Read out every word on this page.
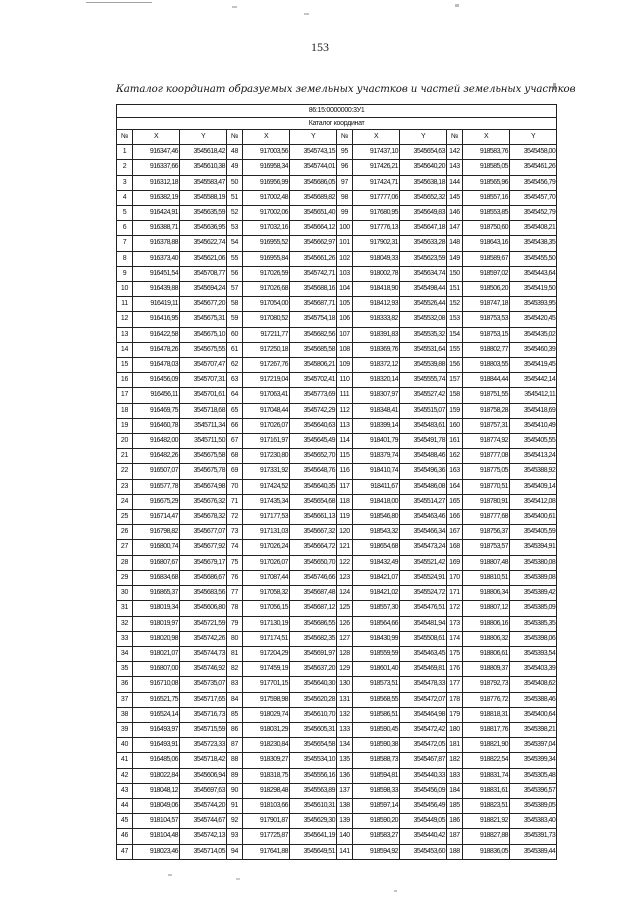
153
Каталог координат образуемых земельных участков и частей земельных участков
86:15:0000000:3У1											
Каталог координат											
№	X	Y	№	X	Y	№	X	Y	№	X	Y
1	916347,46	3545618,42	48	917003,56	3545743,15	95	917437,10	3545654,63	142	918583,76	3545458,00
2	916337,66	3545610,38	49	916958,34	3545744,01	96	917426,21	3545640,20	143	918585,05	3545461,26
3	916312,18	3545583,47	50	916956,99	3545686,05	97	917424,71	3545638,18	144	918565,96	3545456,79
4	916382,19	3545588,19	51	917002,48	3545689,82	98	917777,06	3545652,32	145	918557,16	3545457,70
5	916424,91	3545635,59	52	917002,06	3545651,40	99	917680,95	3545649,83	146	918553,85	3545452,79
6	916388,71	3545636,95	53	917032,16	3545664,12	100	917776,13	3545647,18	147	918750,60	3545408,21
7	916378,88	3545622,74	54	916955,52	3545662,97	101	917902,31	3545633,28	148	918643,16	3545438,35
8	916373,40	3545621,06	55	916955,84	3545661,26	102	918049,33	3545623,59	149	918589,67	3545455,50
9	916451,54	3545708,77	56	917026,59	3545742,71	103	918002,78	3545634,74	150	918597,02	3545443,64
10	916439,88	3545694,24	57	917026,68	3545688,16	104	918418,90	3545498,44	151	918506,20	3545419,50
11	916419,11	3545677,20	58	917054,00	3545687,71	105	918412,93	3545526,44	152	918747,18	3545393,95
12	916416,95	3545675,31	59	917080,52	3545754,18	106	918333,82	3545532,08	153	918753,53	3545420,45
13	916422,58	3545675,10	60	917211,77	3545682,56	107	918391,83	3545535,32	154	918753,15	3545435,02
14	916478,26	3545675,55	61	917250,18	3545685,58	108	918369,76	3545531,64	155	918802,77	3545460,39
15	916478,03	3545707,47	62	917267,76	3545806,21	109	918372,12	3545539,88	156	918803,55	3545419,45
16	916456,09	3545707,31	63	917219,04	3545702,41	110	918320,14	3545555,74	157	918844,44	3545442,14
17	916456,11	3545701,61	64	917063,41	3545773,69	111	918307,97	3545527,42	158	918751,55	3545412,11
18	916469,75	3545718,68	65	917048,44	3545742,29	112	918348,41	3545515,07	159	918758,28	3545418,69
19	916460,78	3545711,34	66	917026,07	3545640,63	113	918399,14	3545483,61	160	918757,31	3545410,49
20	916482,00	3545711,50	67	917161,97	3545645,49	114	918401,79	3545491,78	161	918774,92	3545405,55
21	916482,26	3545675,58	68	917230,80	3545652,70	115	918379,74	3545488,46	162	918777,08	3545413,24
22	916507,07	3545675,78	69	917331,92	3545648,76	116	918410,74	3545496,36	163	918775,05	3545388,92
23	916577,78	3545674,98	70	917424,52	3545640,35	117	918411,67	3545486,08	164	918770,51	3545409,14
24	916675,29	3545676,32	71	917435,34	3545654,68	118	918418,00	3545514,27	165	918780,91	3545412,08
25	916714,47	3545678,32	72	917177,53	3545661,13	119	918546,80	3545463,46	166	918777,68	3545400,61
26	916798,82	3545677,07	73	917131,03	3545667,32	120	918543,32	3545466,34	167	918756,37	3545405,59
27	916800,74	3545677,92	74	917026,24	3545664,72	121	918654,68	3545473,24	168	918753,57	3545394,91
28	916807,67	3545679,17	75	917026,07	3545650,70	122	918432,49	3545521,42	169	918807,48	3545380,08
29	916834,68	3545686,67	76	917087,44	3545746,66	123	918421,07	3545524,91	170	918810,51	3545389,08
30	916865,37	3545683,56	77	917058,32	3545687,48	124	918421,02	3545524,72	171	918806,34	3545389,42
31	918019,34	3545606,80	78	917056,15	3545687,12	125	918557,30	3545476,51	172	918807,12	3545385,09
32	918019,97	3545721,59	79	917130,19	3545686,55	126	918564,66	3545481,94	173	918806,16	3545385,35
33	918020,98	3545742,26	80	917174,51	3545682,35	127	918430,99	3545508,61	174	918806,32	3545398,06
34	918021,07	3545744,73	81	917204,29	3545691,97	128	918559,59	3545463,45	175	918806,61	3545393,54
35	916807,00	3545746,92	82	917459,19	3545637,20	129	918601,40	3545469,81	176	918809,37	3545403,39
36	916710,08	3545735,07	83	917701,15	3545640,30	130	918573,51	3545478,33	177	918792,73	3545408,62
37	916521,75	3545717,65	84	917598,98	3545620,28	131	918568,55	3545472,07	178	918776,72	3545388,46
38	916524,14	3545716,73	85	918029,74	3545610,70	132	918586,51	3545464,98	179	918818,31	3545400,64
39	916493,97	3545715,59	86	918031,29	3545605,31	133	918590,45	3545472,42	180	918817,76	3545398,21
40	916493,91	3545723,33	87	918230,84	3545654,58	134	918590,38	3545472,05	181	918821,90	3545397,04
41	916485,06	3545718,42	88	918309,27	3545534,10	135	918588,73	3545467,87	182	918822,54	3545399,34
42	918022,84	3545606,94	89	918318,75	3545556,16	136	918594,81	3545440,33	183	918831,74	3545305,48
43	918048,12	3545697,63	90	918298,48	3545563,89	137	918598,33	3545456,09	184	918831,61	3545396,57
44	918049,06	3545744,20	91	918103,66	3545610,31	138	918597,14	3545456,49	185	918823,51	3545389,05
45	918104,57	3545744,67	92	917901,87	3545629,30	139	918590,20	3545449,05	186	918821,92	3545383,40
46	918104,48	3545742,13	93	917725,87	3545641,19	140	918583,27	3545440,42	187	918827,88	3545391,73
47	918023,46	3545714,05	94	917641,88	3545649,51	141	918594,92	3545453,60	188	918836,05	3545389,44
